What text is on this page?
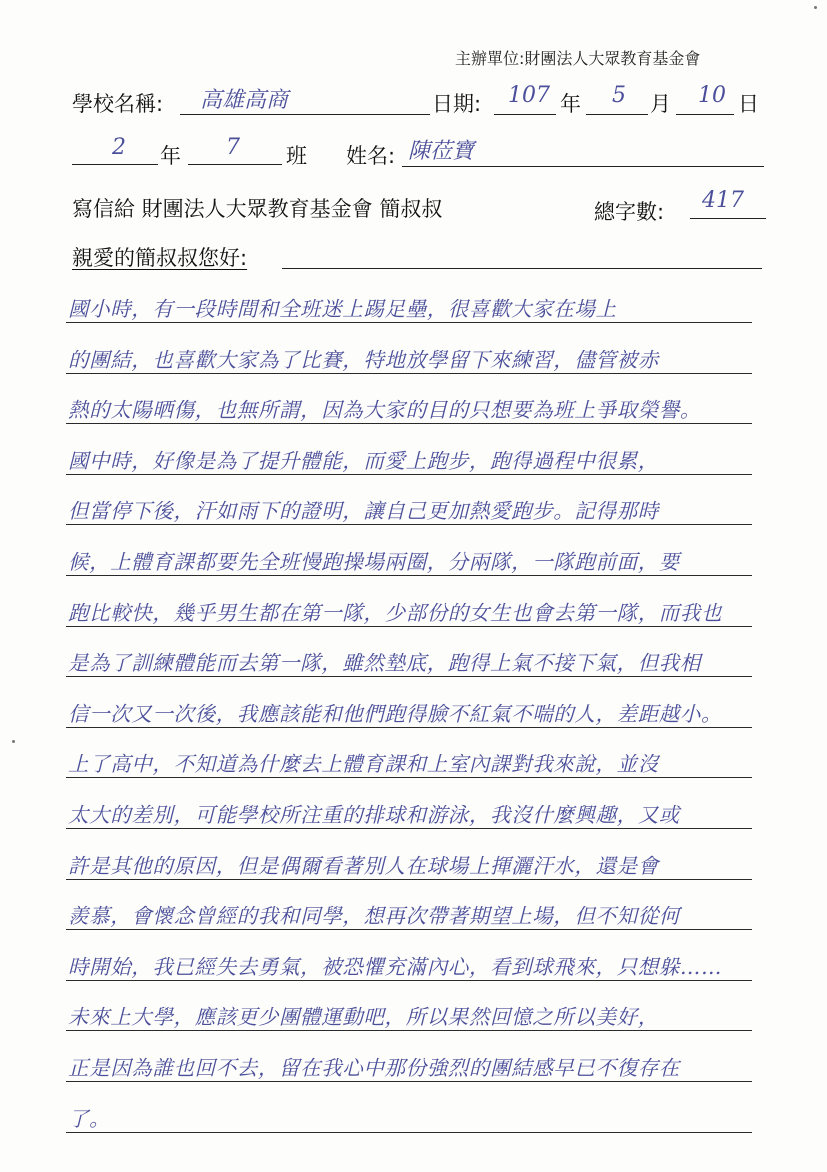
主辦單位:財團法人大眾教育基金會
學校名稱: 高雄高商	日期: 107 年 5 月 10 日
2 年 7 班 姓名: 陳莅寶
寫信給 財團法人大眾教育基金會 簡叔叔	總字數: 417
親愛的簡叔叔您好:
國小時，有一段時間和全班迷上踢足壘，很喜歡大家在場上
的團結，也喜歡大家為了比賽，特地放學留下來練習，儘管被赤
熱的太陽晒傷，也無所謂，因為大家的目的只想要為班上爭取榮譽。
國中時，好像是為了提升體能，而愛上跑步，跑得過程中很累，
但當停下後，汗如雨下的證明，讓自己更加熱愛跑步。記得那時
候，上體育課都要先全班慢跑操場兩圈，分兩隊，一隊跑前面，要
跑比較快，幾乎男生都在第一隊，少部份的女生也會去第一隊，而我也
是為了訓練體能而去第一隊，雖然墊底，跑得上氣不接下氣，但我相
信一次又一次後，我應該能和他們跑得臉不紅氣不喘的人，差距越小。
上了高中，不知道為什麼去上體育課和上室內課對我來說，並沒
太大的差別，可能學校所注重的排球和游泳，我沒什麼興趣，又或
許是其他的原因，但是偶爾看著別人在球場上揮灑汗水，還是會
羨慕，會懷念曾經的我和同學，想再次帶著期望上場，但不知從何
時開始，我已經失去勇氣，被恐懼充滿內心，看到球飛來，只想躲……
未來上大學，應該更少團體運動吧，所以果然回憶之所以美好，
正是因為誰也回不去，留在我心中那份強烈的團結感早已不復存在
了。
